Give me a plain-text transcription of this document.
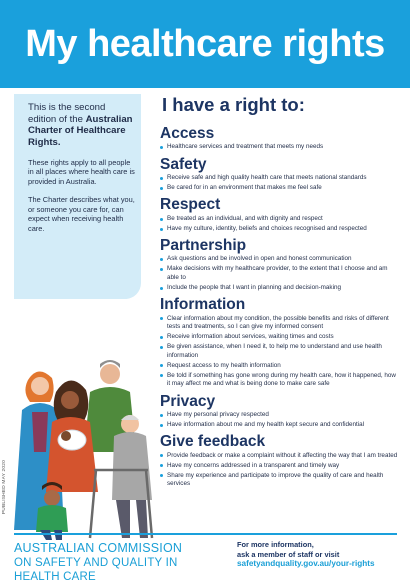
My healthcare rights

This is the second edition of the Australian Charter of Healthcare Rights.

These rights apply to all people in all places where health care is provided in Australia.

The Charter describes what you, or someone you care for, can expect when receiving health care.

PUBLISHED MAY 2020
I have a right to:
Access
Healthcare services and treatment that meets my needs
Safety
Receive safe and high quality health care that meets national standards
Be cared for in an environment that makes me feel safe
Respect
Be treated as an individual, and with dignity and respect
Have my culture, identity, beliefs and choices recognised and respected
Partnership
Ask questions and be involved in open and honest communication
Make decisions with my healthcare provider, to the extent that I choose and am able to
Include the people that I want in planning and decision-making
Information
Clear information about my condition, the possible benefits and risks of different tests and treatments, so I can give my informed consent
Receive information about services, waiting times and costs
Be given assistance, when I need it, to help me to understand and use health information
Request access to my health information
Be told if something has gone wrong during my health care, how it happened, how it may affect me and what is being done to make care safe
Privacy
Have my personal privacy respected
Have information about me and my health kept secure and confidential
Give feedback
Provide feedback or make a complaint without it affecting the way that I am treated
Have my concerns addressed in a transparent and timely way
Share my experience and participate to improve the quality of care and health services
AUSTRALIAN COMMISSION
ON SAFETY AND QUALITY IN HEALTH CARE
For more information,
ask a member of staff or visit
safetyandquality.gov.au/your-rights
